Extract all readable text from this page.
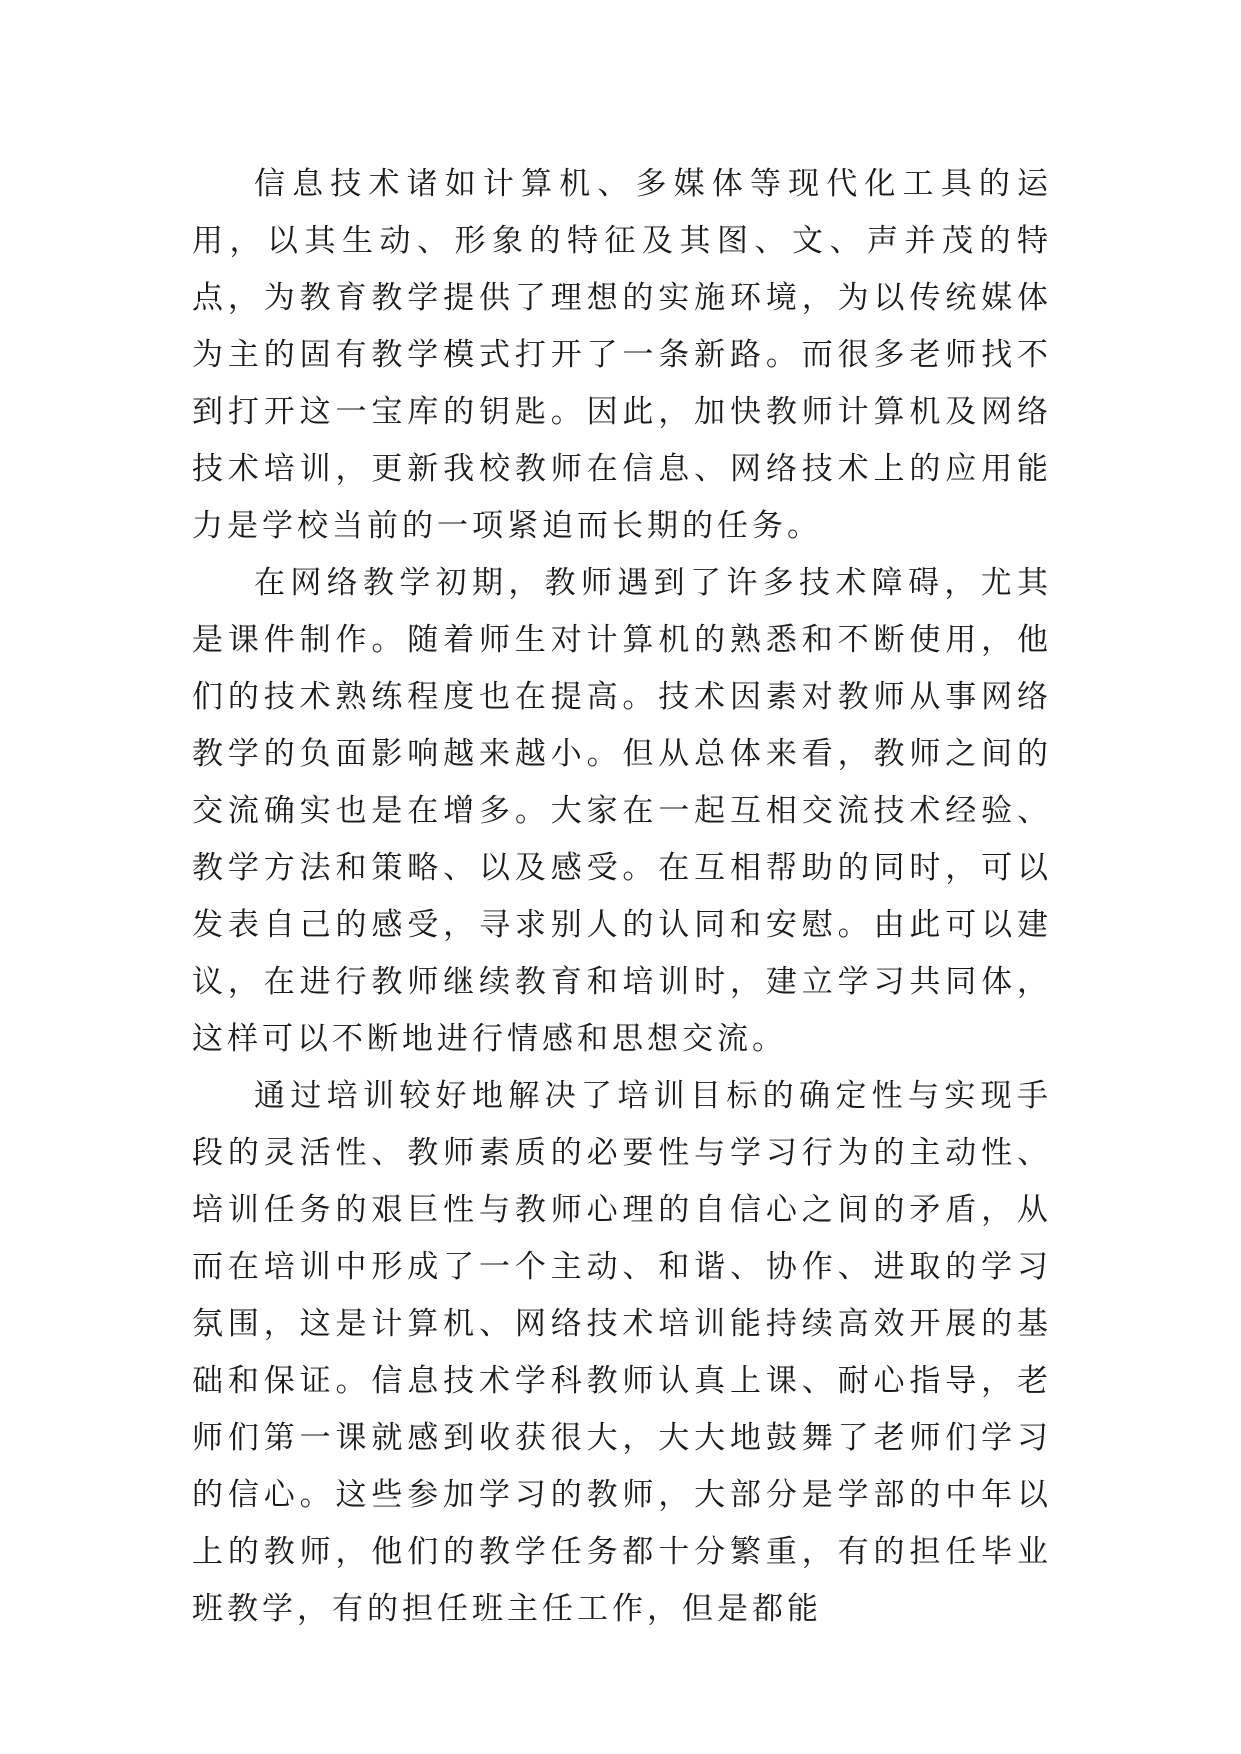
信息技术诸如计算机、多媒体等现代化工具的运用，以其生动、形象的特征及其图、文、声并茂的特点，为教育教学提供了理想的实施环境，为以传统媒体为主的固有教学模式打开了一条新路。而很多老师找不到打开这一宝库的钥匙。因此，加快教师计算机及网络技术培训，更新我校教师在信息、网络技术上的应用能力是学校当前的一项紧迫而长期的任务。

在网络教学初期，教师遇到了许多技术障碍，尤其是课件制作。随着师生对计算机的熟悉和不断使用，他们的技术熟练程度也在提高。技术因素对教师从事网络教学的负面影响越来越小。但从总体来看，教师之间的交流确实也是在增多。大家在一起互相交流技术经验、教学方法和策略、以及感受。在互相帮助的同时，可以发表自己的感受，寻求别人的认同和安慰。由此可以建议，在进行教师继续教育和培训时，建立学习共同体，这样可以不断地进行情感和思想交流。

通过培训较好地解决了培训目标的确定性与实现手段的灵活性、教师素质的必要性与学习行为的主动性、培训任务的艰巨性与教师心理的自信心之间的矛盾，从而在培训中形成了一个主动、和谐、协作、进取的学习氛围，这是计算机、网络技术培训能持续高效开展的基础和保证。信息技术学科教师认真上课、耐心指导，老师们第一课就感到收获很大，大大地鼓舞了老师们学习的信心。这些参加学习的教师，大部分是学部的中年以上的教师，他们的教学任务都十分繁重，有的担任毕业班教学，有的担任班主任工作，但是都能
